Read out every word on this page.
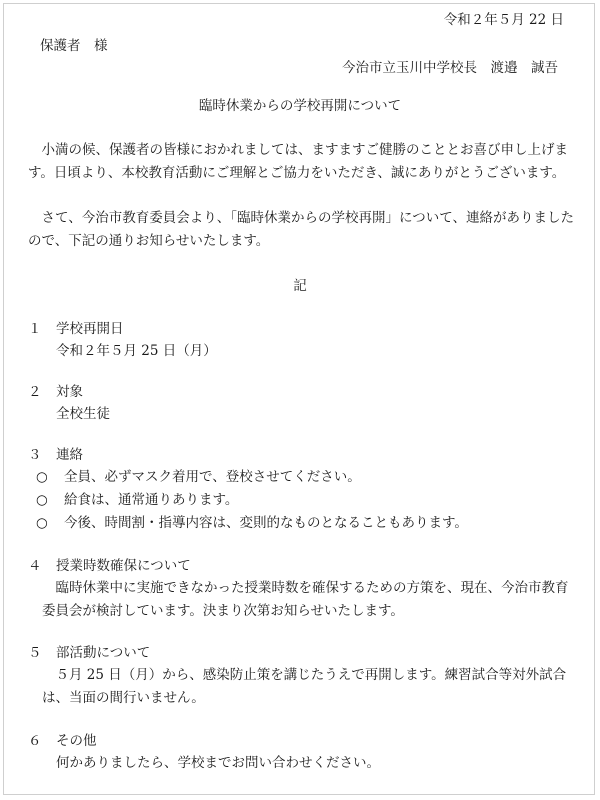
令和２年５月 22 日
保護者　様
今治市立玉川中学校長　渡邉　誠吾
臨時休業からの学校再開について
小満の候、保護者の皆様におかれましては、ますますご健勝のこととお喜び申し上げます。日頃より、本校教育活動にご理解とご協力をいただき、誠にありがとうございます。
さて、今治市教育委員会より、「臨時休業からの学校再開」について、連絡がありましたので、下記の通りお知らせいたします。
記
１ 学校再開日
令和２年５月 25 日（月）
２ 対象
全校生徒
３ 連絡
○ 全員、必ずマスク着用で、登校させてください。
○ 給食は、通常通りあります。
○ 今後、時間割・指導内容は、変則的なものとなることもあります。
４ 授業時数確保について
臨時休業中に実施できなかった授業時数を確保するための方策を、現在、今治市教育委員会が検討しています。決まり次第お知らせいたします。
５ 部活動について
５月 25 日（月）から、感染防止策を講じたうえで再開します。練習試合等対外試合は、当面の間行いません。
６ その他
何かありましたら、学校までお問い合わせください。
